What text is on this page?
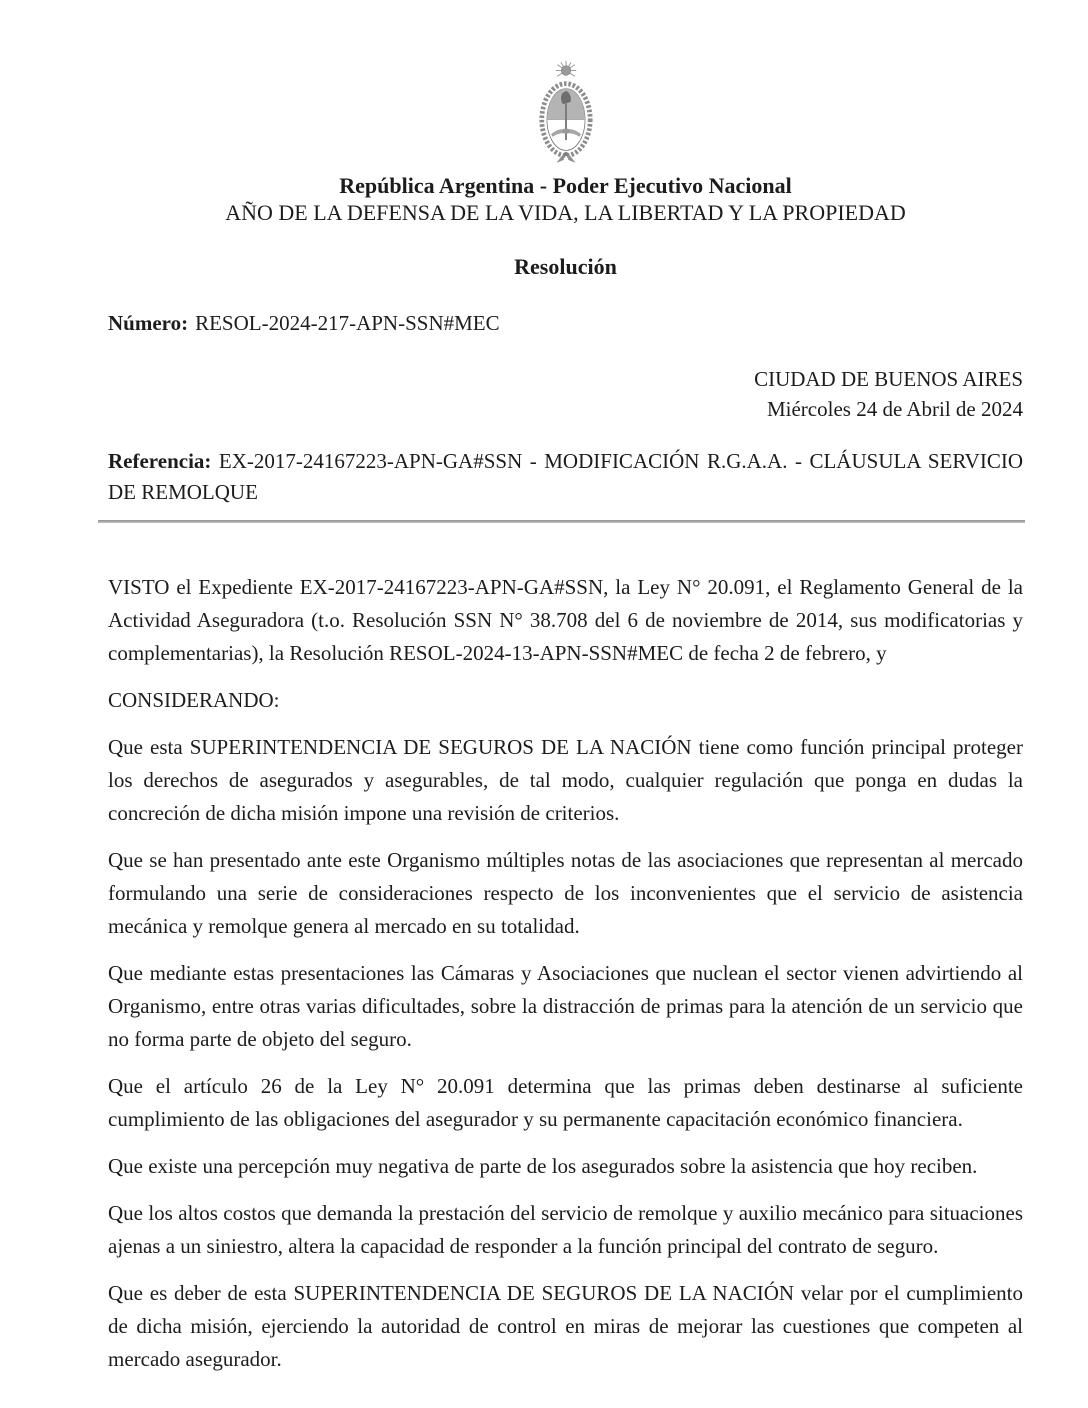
República Argentina - Poder Ejecutivo Nacional
AÑO DE LA DEFENSA DE LA VIDA, LA LIBERTAD Y LA PROPIEDAD
Resolución
Número: RESOL-2024-217-APN-SSN#MEC
CIUDAD DE BUENOS AIRES
Miércoles 24 de Abril de 2024

Referencia: EX-2017-24167223-APN-GA#SSN - MODIFICACIÓN R.G.A.A. - CLÁUSULA SERVICIO DE REMOLQUE

VISTO el Expediente EX-2017-24167223-APN-GA#SSN, la Ley N° 20.091, el Reglamento General de la Actividad Aseguradora (t.o. Resolución SSN N° 38.708 del 6 de noviembre de 2014, sus modificatorias y complementarias), la Resolución RESOL-2024-13-APN-SSN#MEC de fecha 2 de febrero, y

CONSIDERANDO:

Que esta SUPERINTENDENCIA DE SEGUROS DE LA NACIÓN tiene como función principal proteger los derechos de asegurados y asegurables, de tal modo, cualquier regulación que ponga en dudas la concreción de dicha misión impone una revisión de criterios.

Que se han presentado ante este Organismo múltiples notas de las asociaciones que representan al mercado formulando una serie de consideraciones respecto de los inconvenientes que el servicio de asistencia mecánica y remolque genera al mercado en su totalidad.

Que mediante estas presentaciones las Cámaras y Asociaciones que nuclean el sector vienen advirtiendo al Organismo, entre otras varias dificultades, sobre la distracción de primas para la atención de un servicio que no forma parte de objeto del seguro.

Que el artículo 26 de la Ley N° 20.091 determina que las primas deben destinarse al suficiente cumplimiento de las obligaciones del asegurador y su permanente capacitación económico financiera.

Que existe una percepción muy negativa de parte de los asegurados sobre la asistencia que hoy reciben.

Que los altos costos que demanda la prestación del servicio de remolque y auxilio mecánico para situaciones ajenas a un siniestro, altera la capacidad de responder a la función principal del contrato de seguro.

Que es deber de esta SUPERINTENDENCIA DE SEGUROS DE LA NACIÓN velar por el cumplimiento de dicha misión, ejerciendo la autoridad de control en miras de mejorar las cuestiones que competen al mercado asegurador.
